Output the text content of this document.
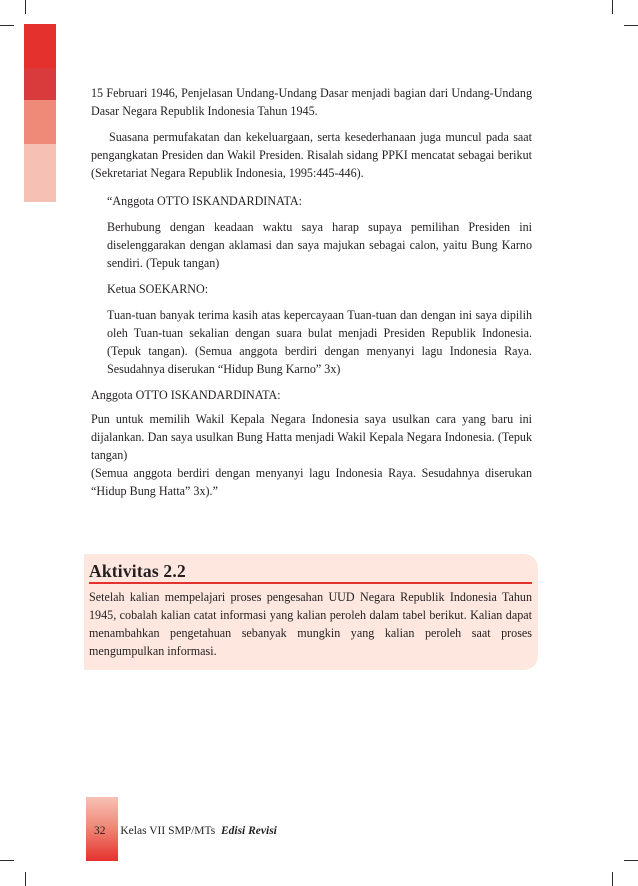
15 Februari 1946, Penjelasan Undang-Undang Dasar menjadi bagian dari Undang-Undang Dasar Negara Republik Indonesia Tahun 1945.

Suasana permufakatan dan kekeluargaan, serta kesederhanaan juga muncul pada saat pengangkatan Presiden dan Wakil Presiden. Risalah sidang PPKI mencatat sebagai berikut (Sekretariat Negara Republik Indonesia, 1995:445-446).

“Anggota OTTO ISKANDARDINATA:

Berhubung dengan keadaan waktu saya harap supaya pemilihan Presiden ini diselenggarakan dengan aklamasi dan saya majukan sebagai calon, yaitu Bung Karno sendiri. (Tepuk tangan)

Ketua SOEKARNO:

Tuan-tuan banyak terima kasih atas kepercayaan Tuan-tuan dan dengan ini saya dipilih oleh Tuan-tuan sekalian dengan suara bulat menjadi Presiden Republik Indonesia. (Tepuk tangan). (Semua anggota berdiri dengan menyanyi lagu Indonesia Raya. Sesudahnya diserukan “Hidup Bung Karno” 3x)

Anggota OTTO ISKANDARDINATA:

Pun untuk memilih Wakil Kepala Negara Indonesia saya usulkan cara yang baru ini dijalankan. Dan saya usulkan Bung Hatta menjadi Wakil Kepala Negara Indonesia. (Tepuk tangan)

(Semua anggota berdiri dengan menyanyi lagu Indonesia Raya. Sesudahnya diserukan “Hidup Bung Hatta” 3x).”

Aktivitas 2.2
Setelah kalian mempelajari proses pengesahan UUD Negara Republik Indonesia Tahun 1945, cobalah kalian catat informasi yang kalian peroleh dalam tabel berikut. Kalian dapat menambahkan pengetahuan sebanyak mungkin yang kalian peroleh saat proses mengumpulkan informasi.
32 Kelas VII SMP/MTs Edisi Revisi
